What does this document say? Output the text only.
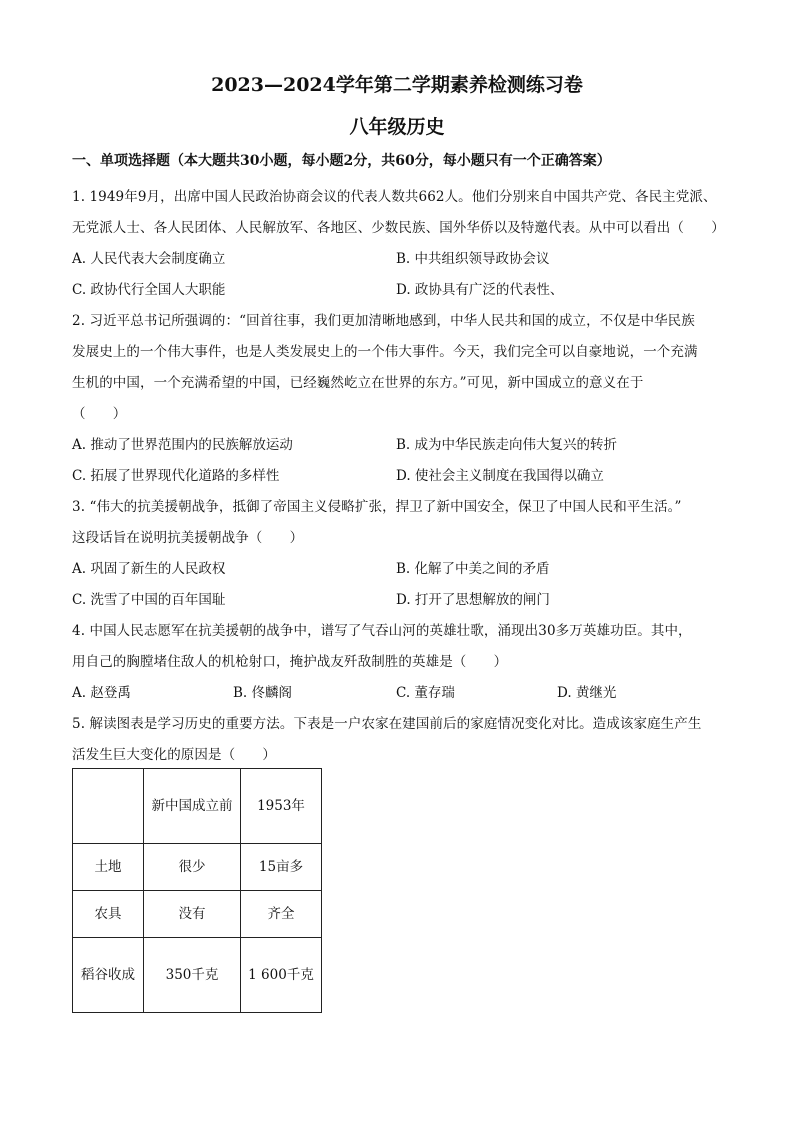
2023—2024学年第二学期素养检测练习卷
八年级历史
一、单项选择题（本大题共30小题，每小题2分，共60分，每小题只有一个正确答案）
1. 1949年9月，出席中国人民政治协商会议的代表人数共662人。他们分别来自中国共产党、各民主党派、
无党派人士、各人民团体、人民解放军、各地区、少数民族、国外华侨以及特邀代表。从中可以看出（　　）
A. 人民代表大会制度确立	B. 中共组织领导政协会议
C. 政协代行全国人大职能	D. 政协具有广泛的代表性、
2. 习近平总书记所强调的：“回首往事，我们更加清晰地感到，中华人民共和国的成立，不仅是中华民族
发展史上的一个伟大事件，也是人类发展史上的一个伟大事件。今天，我们完全可以自豪地说，一个充满
生机的中国，一个充满希望的中国，已经巍然屹立在世界的东方。”可见，新中国成立的意义在于
（　　）
A. 推动了世界范围内的民族解放运动	B. 成为中华民族走向伟大复兴的转折
C. 拓展了世界现代化道路的多样性	D. 使社会主义制度在我国得以确立
3. “伟大的抗美援朝战争，抵御了帝国主义侵略扩张，捍卫了新中国安全，保卫了中国人民和平生活。”
这段话旨在说明抗美援朝战争（　　）
A. 巩固了新生的人民政权	B. 化解了中美之间的矛盾
C. 洗雪了中国的百年国耻	D. 打开了思想解放的闸门
4. 中国人民志愿军在抗美援朝的战争中，谱写了气吞山河的英雄壮歌，涌现出30多万英雄功臣。其中，
用自己的胸膛堵住敌人的机枪射口，掩护战友歼敌制胜的英雄是（　　）
A. 赵登禹	B. 佟麟阁	C. 董存瑞	D. 黄继光
5. 解读图表是学习历史的重要方法。下表是一户农家在建国前后的家庭情况变化对比。造成该家庭生产生
活发生巨大变化的原因是（　　）
	新中国成立前	1953年
土地	很少	15亩多
农具	没有	齐全
稻谷收成	350千克	1 600千克
